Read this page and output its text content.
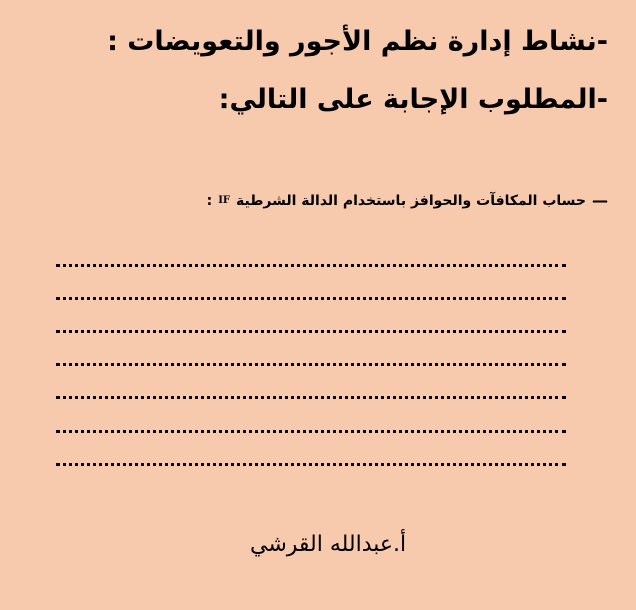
-نشاط إدارة نظم الأجور والتعويضات :
-المطلوب الإجابة على التالي:
—
حساب المكافآت والحوافز باستخدام الدالة الشرطية
IF
:
أ.عبدالله القرشي
